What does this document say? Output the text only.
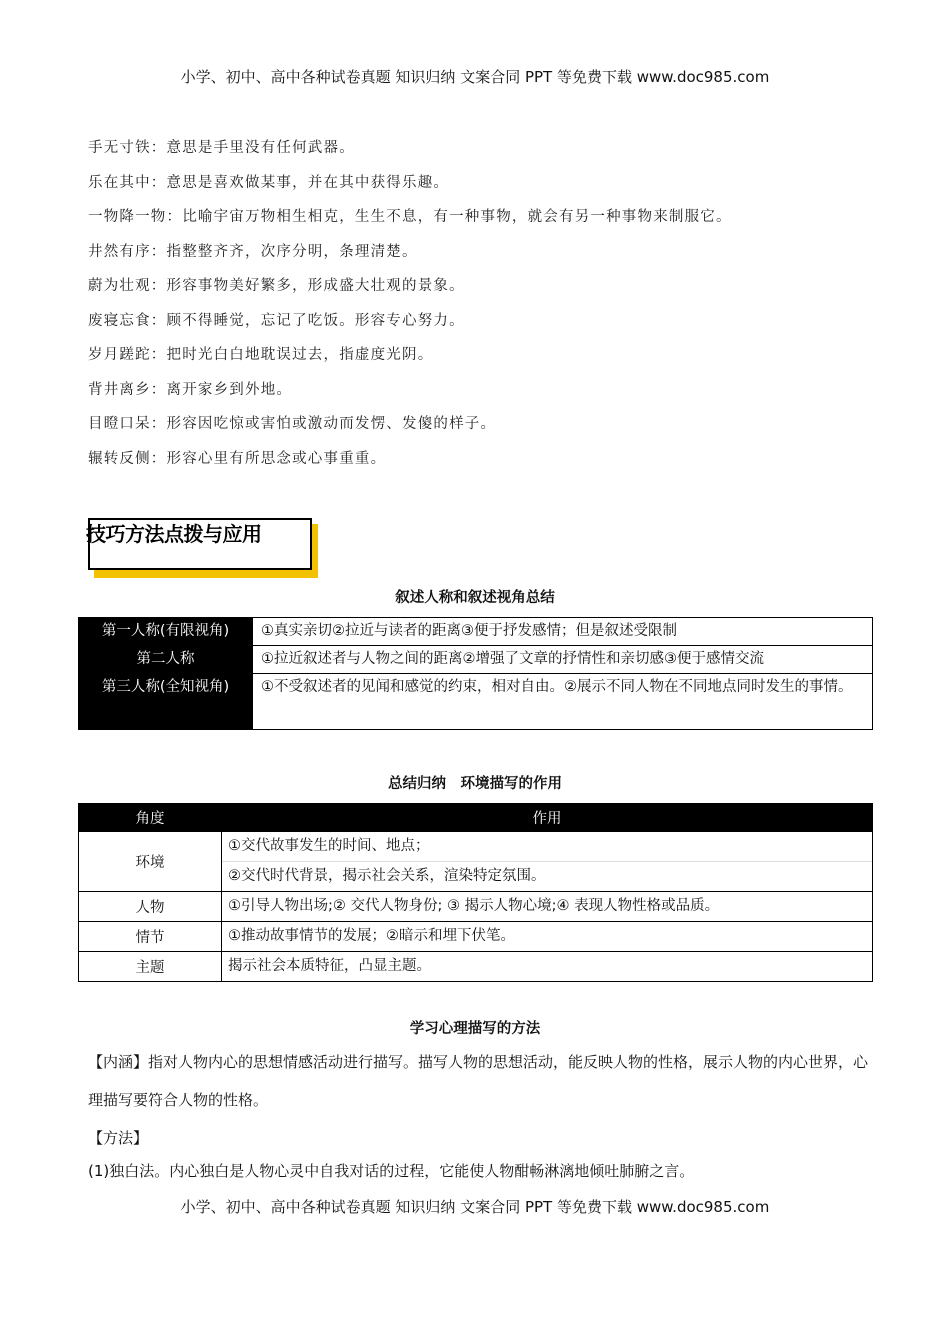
小学、初中、高中各种试卷真题 知识归纳 文案合同 PPT 等免费下载 www.doc985.com
手无寸铁：意思是手里没有任何武器。
乐在其中：意思是喜欢做某事，并在其中获得乐趣。
一物降一物：比喻宇宙万物相生相克，生生不息，有一种事物，就会有另一种事物来制服它。
井然有序：指整整齐齐，次序分明，条理清楚。
蔚为壮观：形容事物美好繁多，形成盛大壮观的景象。
废寝忘食：顾不得睡觉，忘记了吃饭。形容专心努力。
岁月蹉跎：把时光白白地耽误过去，指虚度光阴。
背井离乡：离开家乡到外地。
目瞪口呆：形容因吃惊或害怕或激动而发愣、发傻的样子。
辗转反侧：形容心里有所思念或心事重重。
技巧方法点拨与应用
叙述人称和叙述视角总结
第一人称(有限视角)	①真实亲切②拉近与读者的距离③便于抒发感情；但是叙述受限制
第二人称	①拉近叙述者与人物之间的距离②增强了文章的抒情性和亲切感③便于感情交流
第三人称(全知视角)	①不受叙述者的见闻和感觉的约束，相对自由。②展示不同人物在不同地点同时发生的事情。
总结归纳　环境描写的作用
角度	作用
环境	①交代故事发生的时间、地点；
②交代时代背景，揭示社会关系，渲染特定氛围。

人物	①引导人物出场;② 交代人物身份; ③ 揭示人物心境;④ 表现人物性格或品质。
情节	①推动故事情节的发展；②暗示和埋下伏笔。
主题	揭示社会本质特征，凸显主题。
学习心理描写的方法
【内涵】指对人物内心的思想情感活动进行描写。描写人物的思想活动，能反映人物的性格，展示人物的内心世界，心理描写要符合人物的性格。
【方法】
(1)独白法。内心独白是人物心灵中自我对话的过程，它能使人物酣畅淋漓地倾吐肺腑之言。
小学、初中、高中各种试卷真题 知识归纳 文案合同 PPT 等免费下载 www.doc985.com
